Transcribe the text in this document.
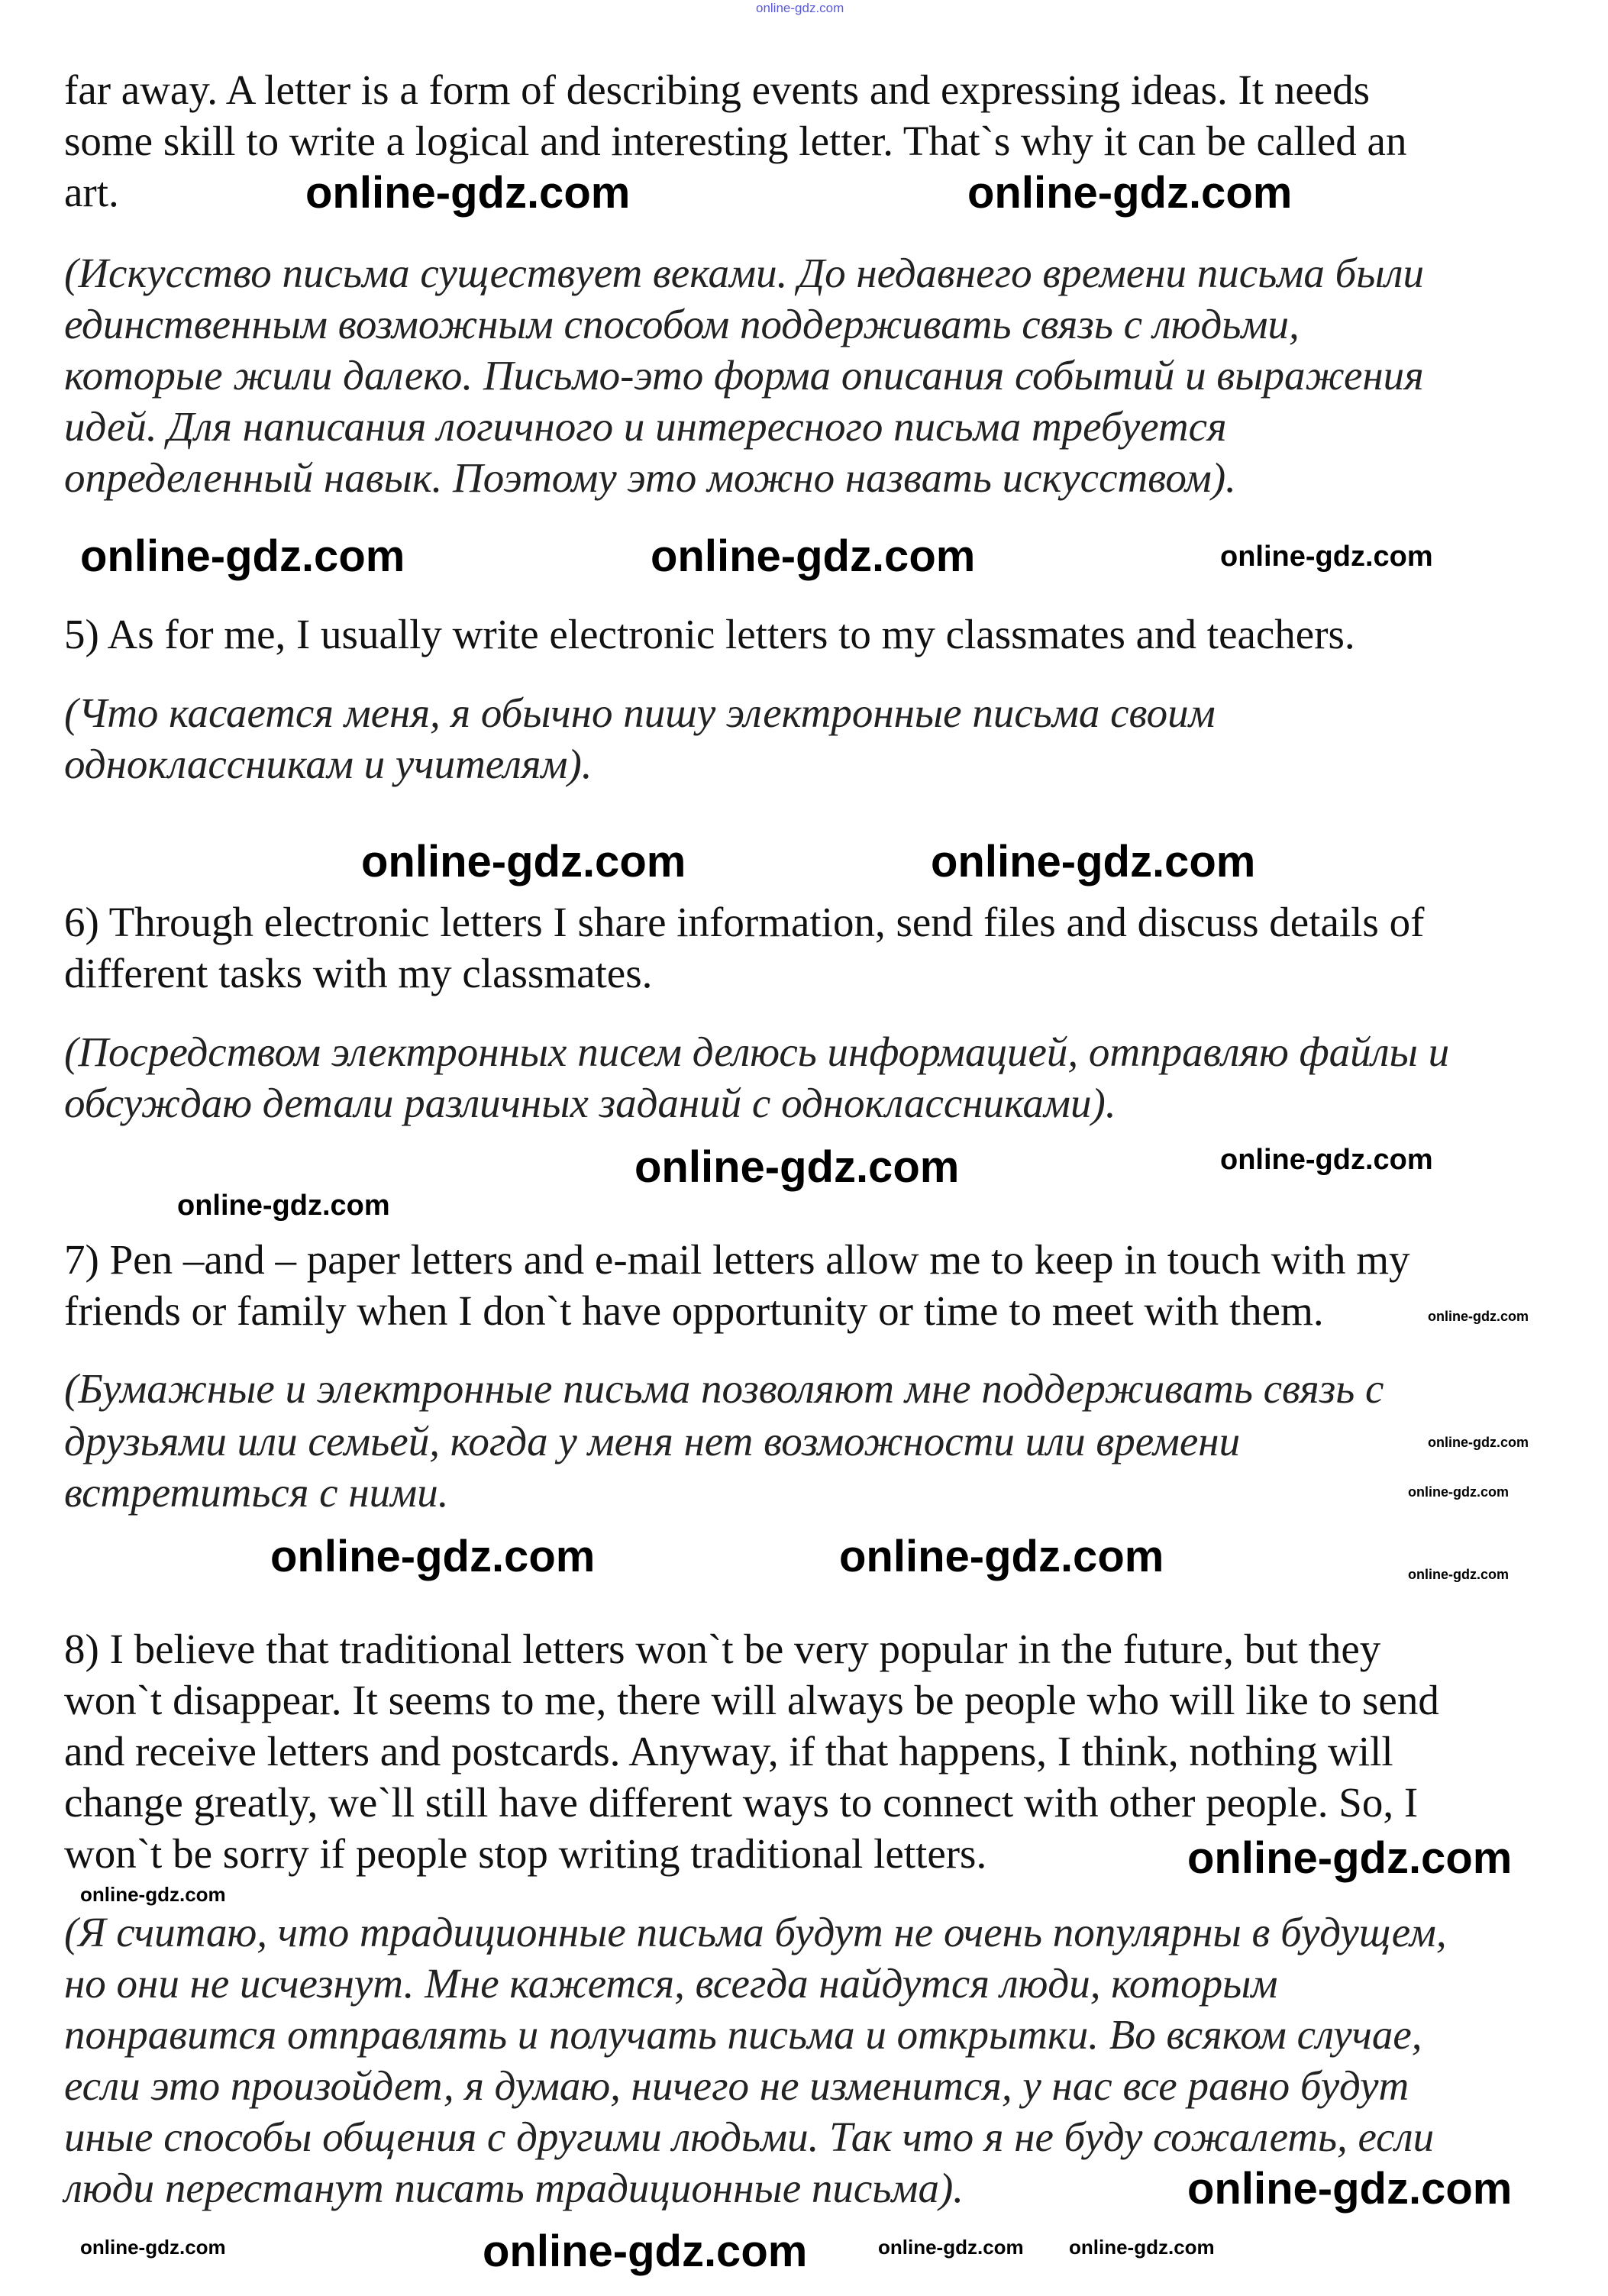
online-gdz.com
far away. A letter is a form of describing events and expressing ideas. It needs
some skill to write a logical and interesting letter. That`s why it can be called an
art.
(Искусство письма существует веками. До недавнего времени письма были
единственным возможным способом поддерживать связь с людьми,
которые жили далеко. Письмо-это форма описания событий и выражения
идей. Для написания логичного и интересного письма требуется
определенный навык. Поэтому это можно назвать искусством).
5) As for me, I usually write electronic letters to my classmates and teachers.
(Что касается меня, я обычно пишу электронные письма своим
одноклассникам и учителям).
6) Through electronic letters I share information, send files and discuss details of
different tasks with my classmates.
(Посредством электронных писем делюсь информацией, отправляю файлы и
обсуждаю детали различных заданий с одноклассниками).
7) Pen –and – paper letters and e-mail letters allow me to keep in touch with my
friends or family when I don`t have opportunity or time to meet with them.
(Бумажные и электронные письма позволяют мне поддерживать связь с
друзьями или семьей, когда у меня нет возможности или времени
встретиться с ними.
8) I believe that traditional letters won`t be very popular in the future, but they
won`t disappear. It seems to me, there will always be people who will like to send
and receive letters and postcards. Anyway, if that happens, I think, nothing will
change greatly, we`ll still have different ways to connect with other people. So, I
won`t be sorry if people stop writing traditional letters.
(Я считаю, что традиционные письма будут не очень популярны в будущем,
но они не исчезнут. Мне кажется, всегда найдутся люди, которым
понравится отправлять и получать письма и открытки. Во всяком случае,
если это произойдет, я думаю, ничего не изменится, у нас все равно будут
иные способы общения с другими людьми. Так что я не буду сожалеть, если
люди перестанут писать традиционные письма).
online-gdz.com	online-gdz.com
online-gdz.com	online-gdz.com	online-gdz.com
online-gdz.com	online-gdz.com
online-gdz.com
online-gdz.com
online-gdz.com
online-gdz.com
online-gdz.com
online-gdz.com
online-gdz.com
online-gdz.com
online-gdz.com
online-gdz.com
online-gdz.com
online-gdz.com
online-gdz.com	online-gdz.com online-gdz.com
online-gdz.com
